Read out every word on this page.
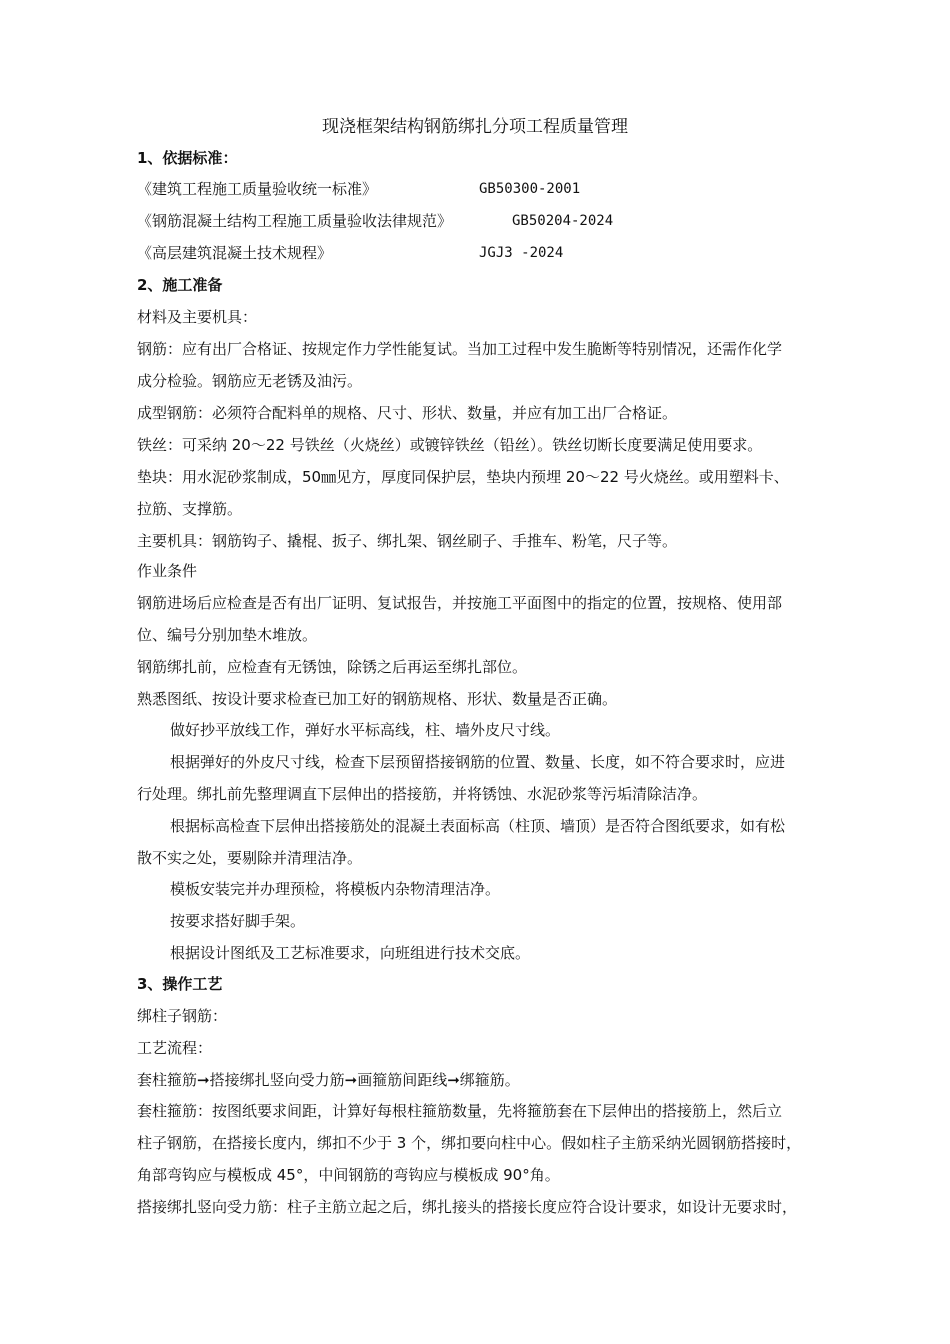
现浇框架结构钢筋绑扎分项工程质量管理
1、依据标准：
《建筑工程施工质量验收统一标准》	GB50300-2001
《钢筋混凝土结构工程施工质量验收法律规范》	GB50204-2024
《高层建筑混凝土技术规程》	JGJ3 -2024
2、施工准备
材料及主要机具：
钢筋：应有出厂合格证、按规定作力学性能复试。当加工过程中发生脆断等特别情况，还需作化学
成分检验。钢筋应无老锈及油污。
成型钢筋：必须符合配料单的规格、尺寸、形状、数量，并应有加工出厂合格证。
铁丝：可采纳 20～22 号铁丝（火烧丝）或镀锌铁丝（铅丝）。铁丝切断长度要满足使用要求。
垫块：用水泥砂浆制成，50㎜见方，厚度同保护层，垫块内预埋 20～22 号火烧丝。或用塑料卡、
拉筋、支撑筋。
主要机具：钢筋钩子、撬棍、扳子、绑扎架、钢丝刷子、手推车、粉笔，尺子等。
作业条件
钢筋进场后应检查是否有出厂证明、复试报告，并按施工平面图中的指定的位置，按规格、使用部
位、编号分别加垫木堆放。
钢筋绑扎前，应检查有无锈蚀，除锈之后再运至绑扎部位。
熟悉图纸、按设计要求检查已加工好的钢筋规格、形状、数量是否正确。
做好抄平放线工作，弹好水平标高线，柱、墙外皮尺寸线。
根据弹好的外皮尺寸线，检查下层预留搭接钢筋的位置、数量、长度，如不符合要求时，应进
行处理。绑扎前先整理调直下层伸出的搭接筋，并将锈蚀、水泥砂浆等污垢清除洁净。
根据标高检查下层伸出搭接筋处的混凝土表面标高（柱顶、墙顶）是否符合图纸要求，如有松
散不实之处，要剔除并清理洁净。
模板安装完并办理预检，将模板内杂物清理洁净。
按要求搭好脚手架。
根据设计图纸及工艺标准要求，向班组进行技术交底。
3、操作工艺
绑柱子钢筋：
工艺流程：
套柱箍筋➞搭接绑扎竖向受力筋➞画箍筋间距线➞绑箍筋。
套柱箍筋：按图纸要求间距，计算好每根柱箍筋数量，先将箍筋套在下层伸出的搭接筋上，然后立
柱子钢筋，在搭接长度内，绑扣不少于 3 个，绑扣要向柱中心。假如柱子主筋采纳光圆钢筋搭接时，
角部弯钩应与模板成 45°，中间钢筋的弯钩应与模板成 90°角。
搭接绑扎竖向受力筋：柱子主筋立起之后，绑扎接头的搭接长度应符合设计要求，如设计无要求时，
